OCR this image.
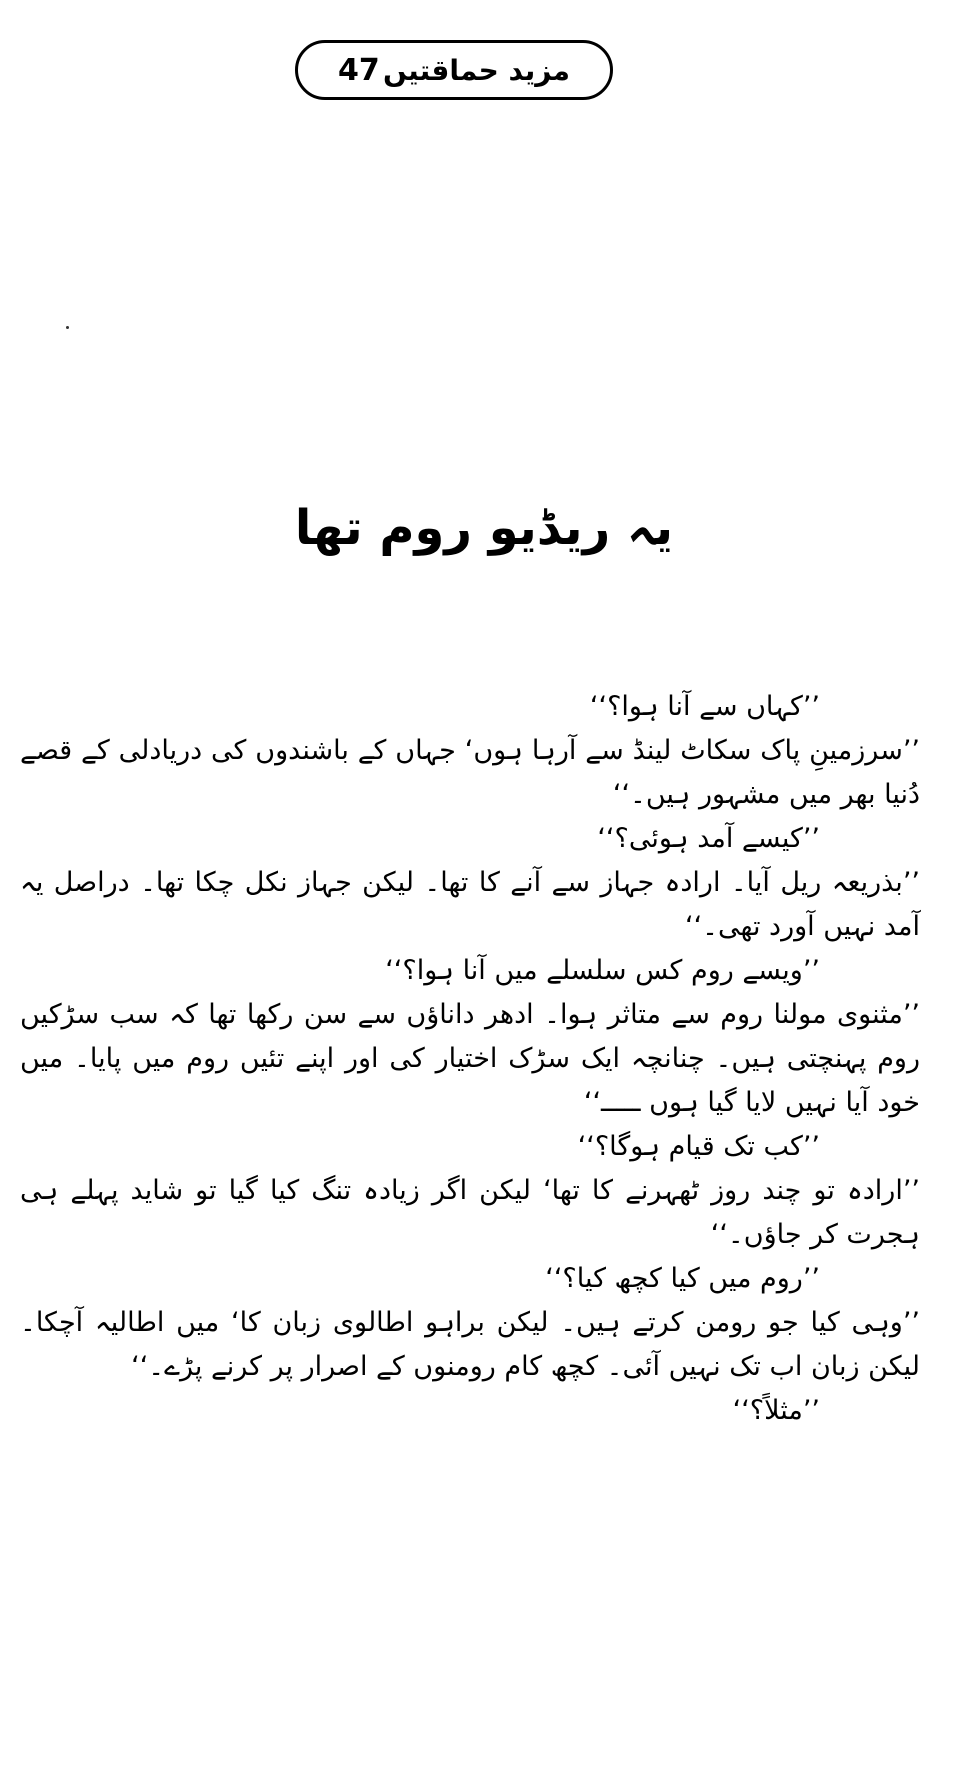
47 مزید حماقتیں
یہ ریڈیو روم تھا

’’کہاں سے آنا ہوا؟‘‘

’’سرزمینِ پاک سکاٹ لینڈ سے آرہا ہوں‘ جہاں کے باشندوں کی دریادلی کے قصے دُنیا بھر میں مشہور ہیں۔‘‘

’’کیسے آمد ہوئی؟‘‘

’’بذریعہ ریل آیا۔ ارادہ جہاز سے آنے کا تھا۔ لیکن جہاز نکل چکا تھا۔ دراصل یہ آمد نہیں آورد تھی۔‘‘

’’ویسے روم کس سلسلے میں آنا ہوا؟‘‘

’’مثنوی مولنا روم سے متاثر ہوا۔ ادھر داناؤں سے سن رکھا تھا کہ سب سڑکیں روم پہنچتی ہیں۔ چنانچہ ایک سڑک اختیار کی اور اپنے تئیں روم میں پایا۔ میں خود آیا نہیں لایا گیا ہوں ـــــ‘‘

’’کب تک قیام ہوگا؟‘‘

’’ارادہ تو چند روز ٹھہرنے کا تھا‘ لیکن اگر زیادہ تنگ کیا گیا تو شاید پہلے ہی ہجرت کر جاؤں۔‘‘

’’روم میں کیا کچھ کیا؟‘‘

’’وہی کیا جو رومن کرتے ہیں۔ لیکن براہو اطالوی زبان کا‘ میں اطالیہ آچکا۔ لیکن زبان اب تک نہیں آئی۔ کچھ کام رومنوں کے اصرار پر کرنے پڑے۔‘‘

’’مثلاً؟‘‘
